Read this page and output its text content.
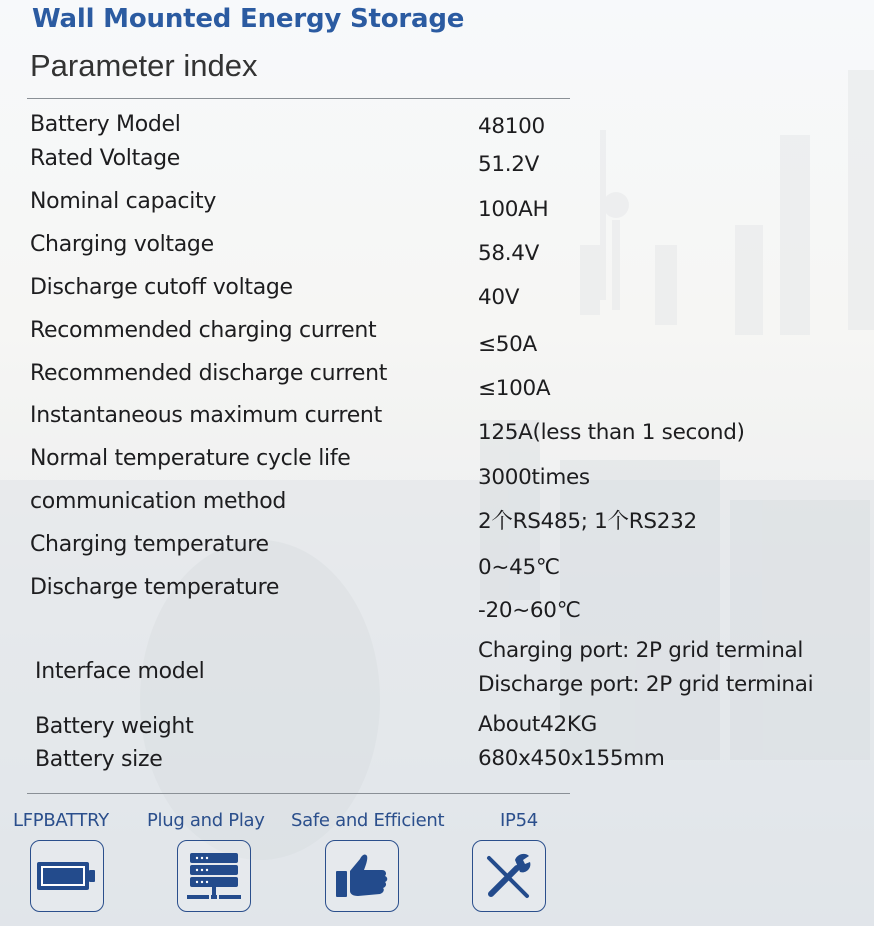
Wall Mounted Energy Storage
Parameter index
Battery Model
Rated Voltage
Nominal capacity
Charging voltage
Discharge cutoff voltage
Recommended charging current
Recommended discharge current
Instantaneous maximum current
Normal temperature cycle life
communication method
Charging temperature
Discharge temperature
Interface model
Battery weight
Battery size
48100
51.2V
100AH
58.4V
40V
≤50A
≤100A
125A(less than 1 second)
3000times
2个RS485; 1个RS232
0~45℃
-20~60℃
Charging port: 2P grid terminal
Discharge port: 2P grid terminai
About42KG
680x450x155mm
LFPBATTRY Plug and Play Safe and Efficient	IP54
